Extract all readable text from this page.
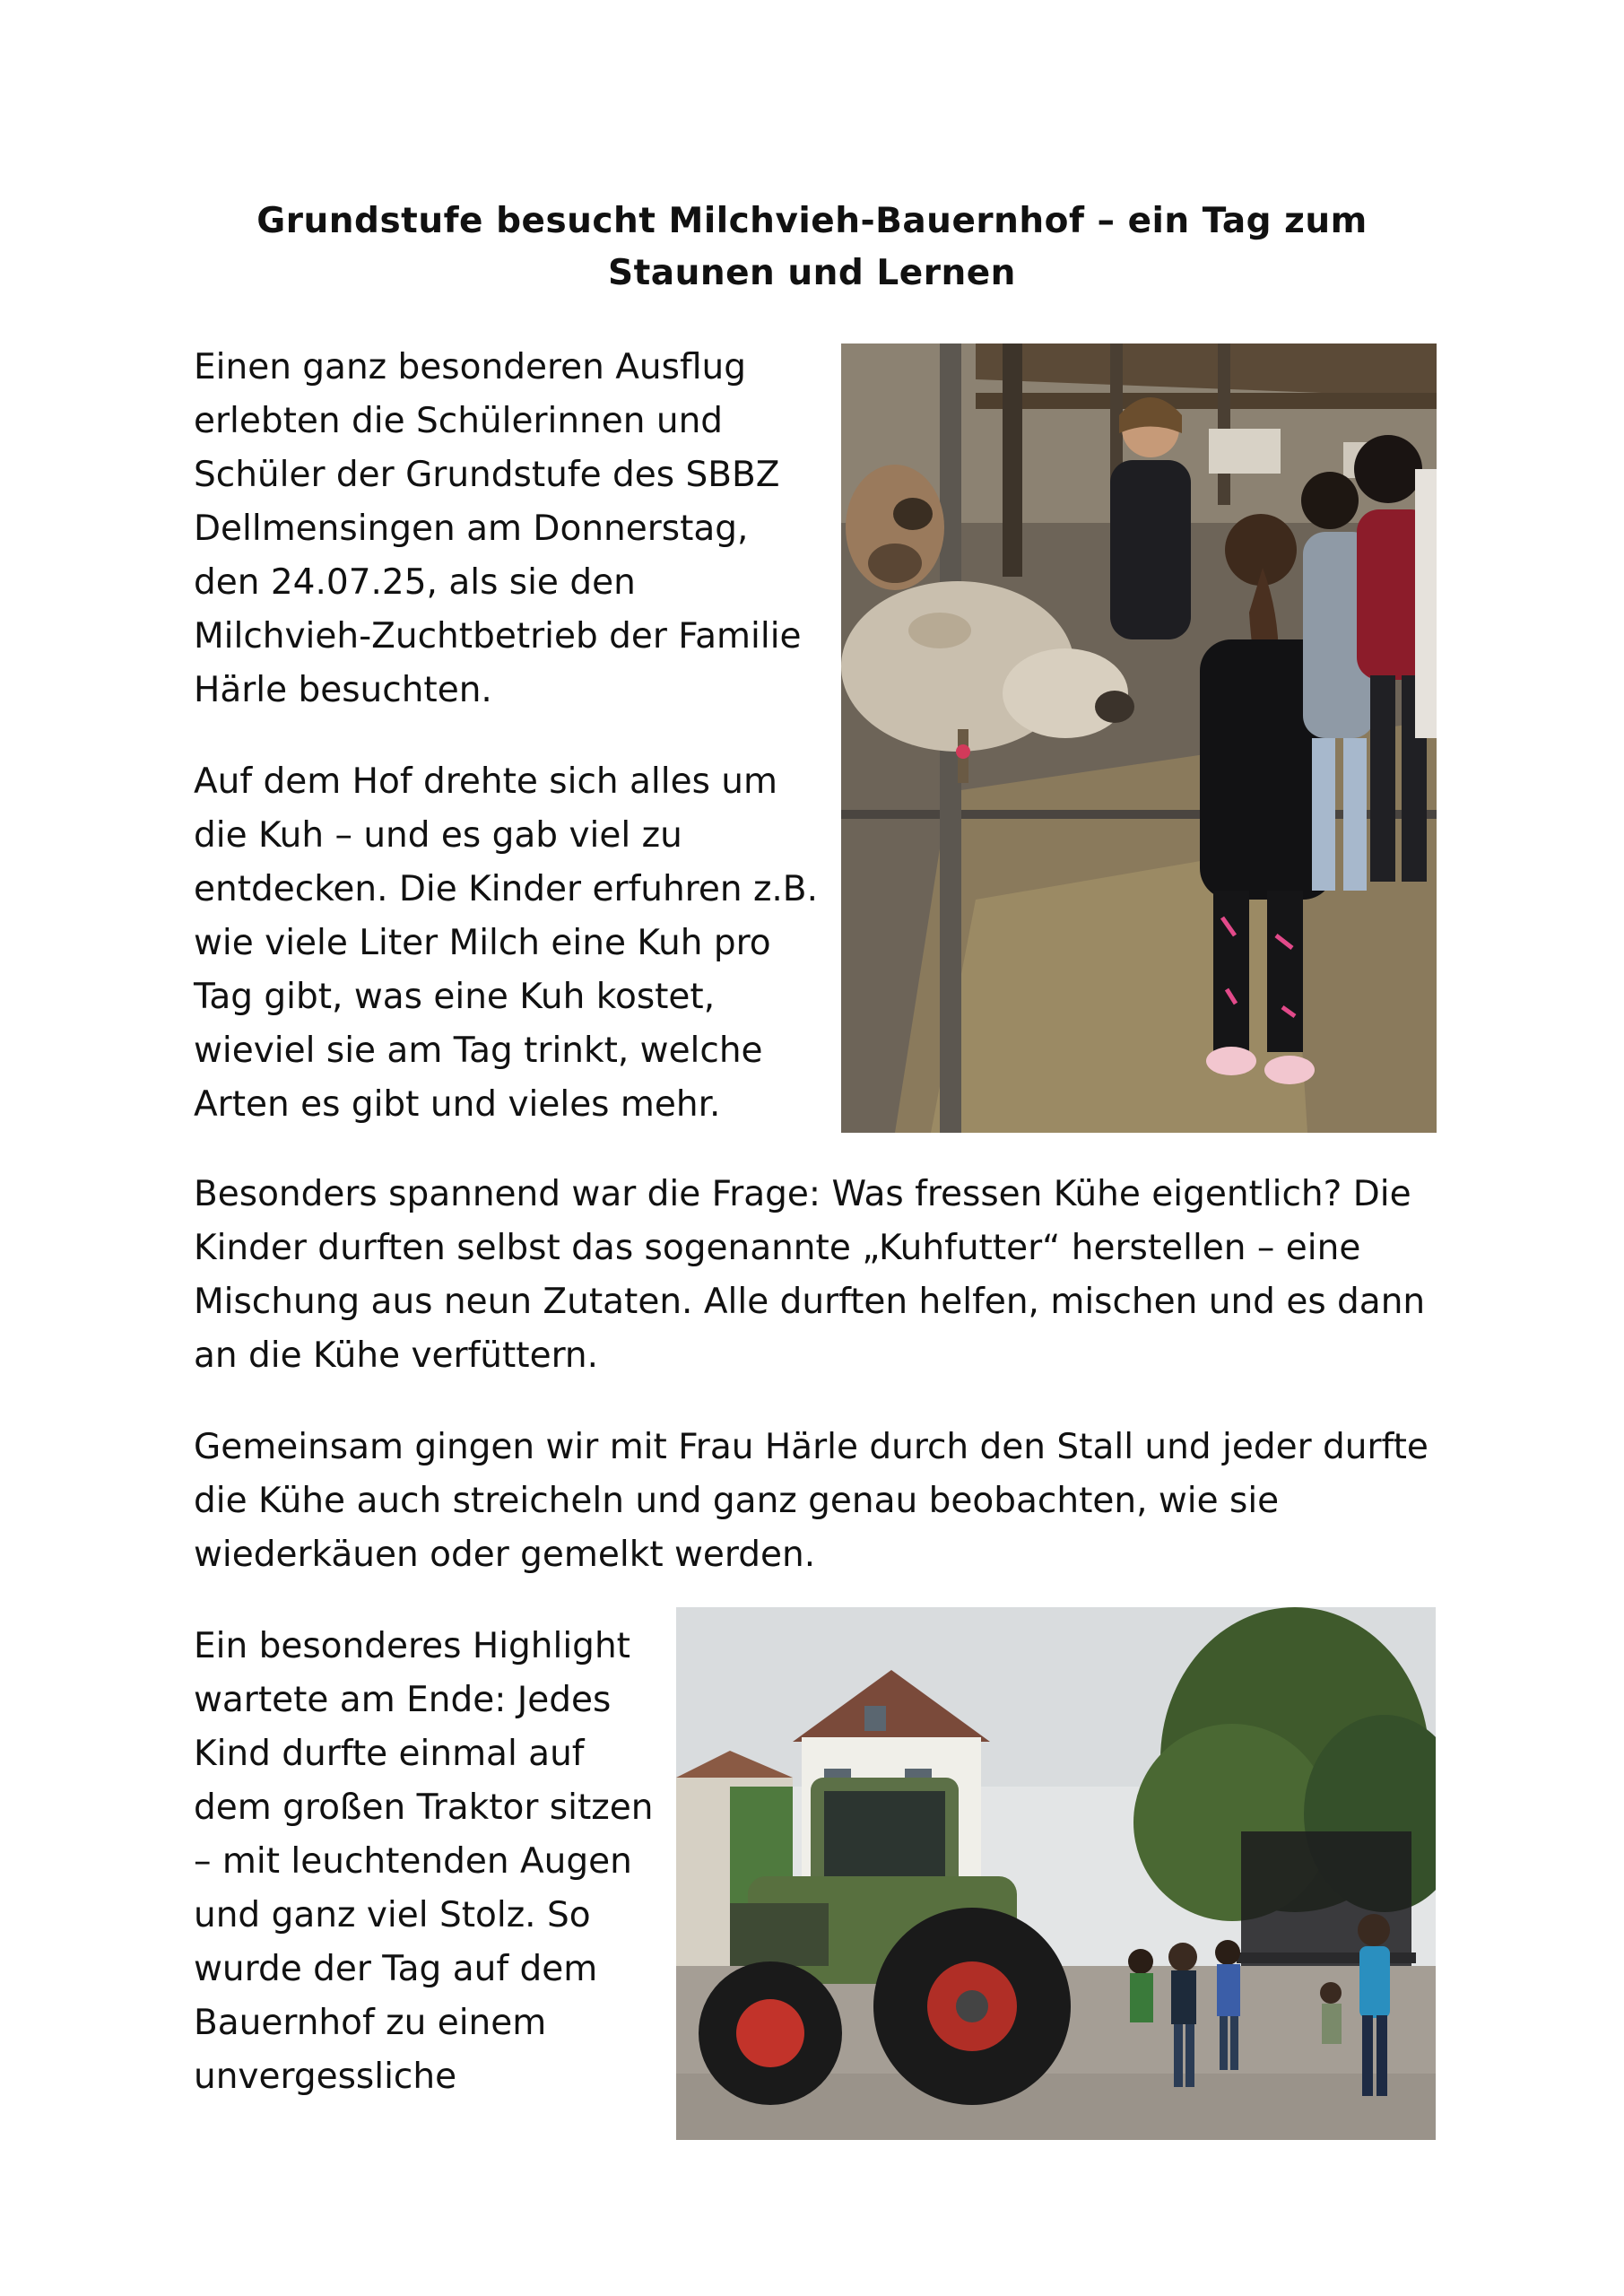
Grundstufe besucht Milchvieh-Bauernhof – ein Tag zum Staunen und Lernen

Einen ganz besonderen Ausflug erlebten die Schülerinnen und Schüler der Grundstufe des SBBZ Dellmensingen am Donnerstag, den 24.07.25, als sie den Milchvieh-Zuchtbetrieb der Familie Härle besuchten.

Auf dem Hof drehte sich alles um die Kuh – und es gab viel zu entdecken. Die Kinder erfuhren z.B. wie viele Liter Milch eine Kuh pro Tag gibt, was eine Kuh kostet, wieviel sie am Tag trinkt, welche Arten es gibt und vieles mehr.

Besonders spannend war die Frage: Was fressen Kühe eigentlich? Die Kinder durften selbst das sogenannte „Kuhfutter“ herstellen – eine Mischung aus neun Zutaten. Alle durften helfen, mischen und es dann an die Kühe verfüttern.

Gemeinsam gingen wir mit Frau Härle durch den Stall und jeder durfte die Kühe auch streicheln und ganz genau beobachten, wie sie wiederkäuen oder gemelkt werden.

Ein besonderes Highlight wartete am Ende: Jedes Kind durfte einmal auf dem großen Traktor sitzen – mit leuchtenden Augen und ganz viel Stolz. So wurde der Tag auf dem Bauernhof zu einem unvergessliche
